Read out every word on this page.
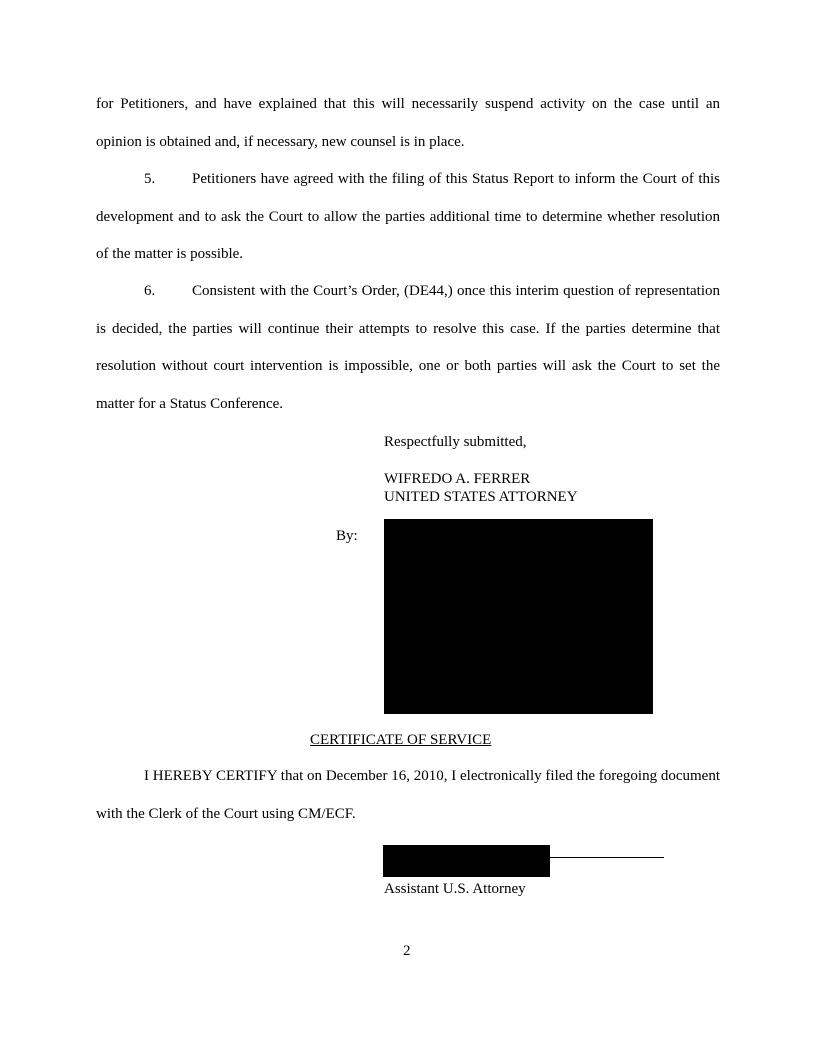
for Petitioners, and have explained that this will necessarily suspend activity on the case until an opinion is obtained and, if necessary, new counsel is in place.

5. Petitioners have agreed with the filing of this Status Report to inform the Court of this development and to ask the Court to allow the parties additional time to determine whether resolution of the matter is possible.

6. Consistent with the Court’s Order, (DE44,) once this interim question of representation is decided, the parties will continue their attempts to resolve this case. If the parties determine that resolution without court intervention is impossible, one or both parties will ask the Court to set the matter for a Status Conference.

Respectfully submitted,

WIFREDO A. FERRER

UNITED STATES ATTORNEY

By:

CERTIFICATE OF SERVICE

I HEREBY CERTIFY that on December 16, 2010, I electronically filed the foregoing document with the Clerk of the Court using CM/ECF.

Assistant U.S. Attorney

2
